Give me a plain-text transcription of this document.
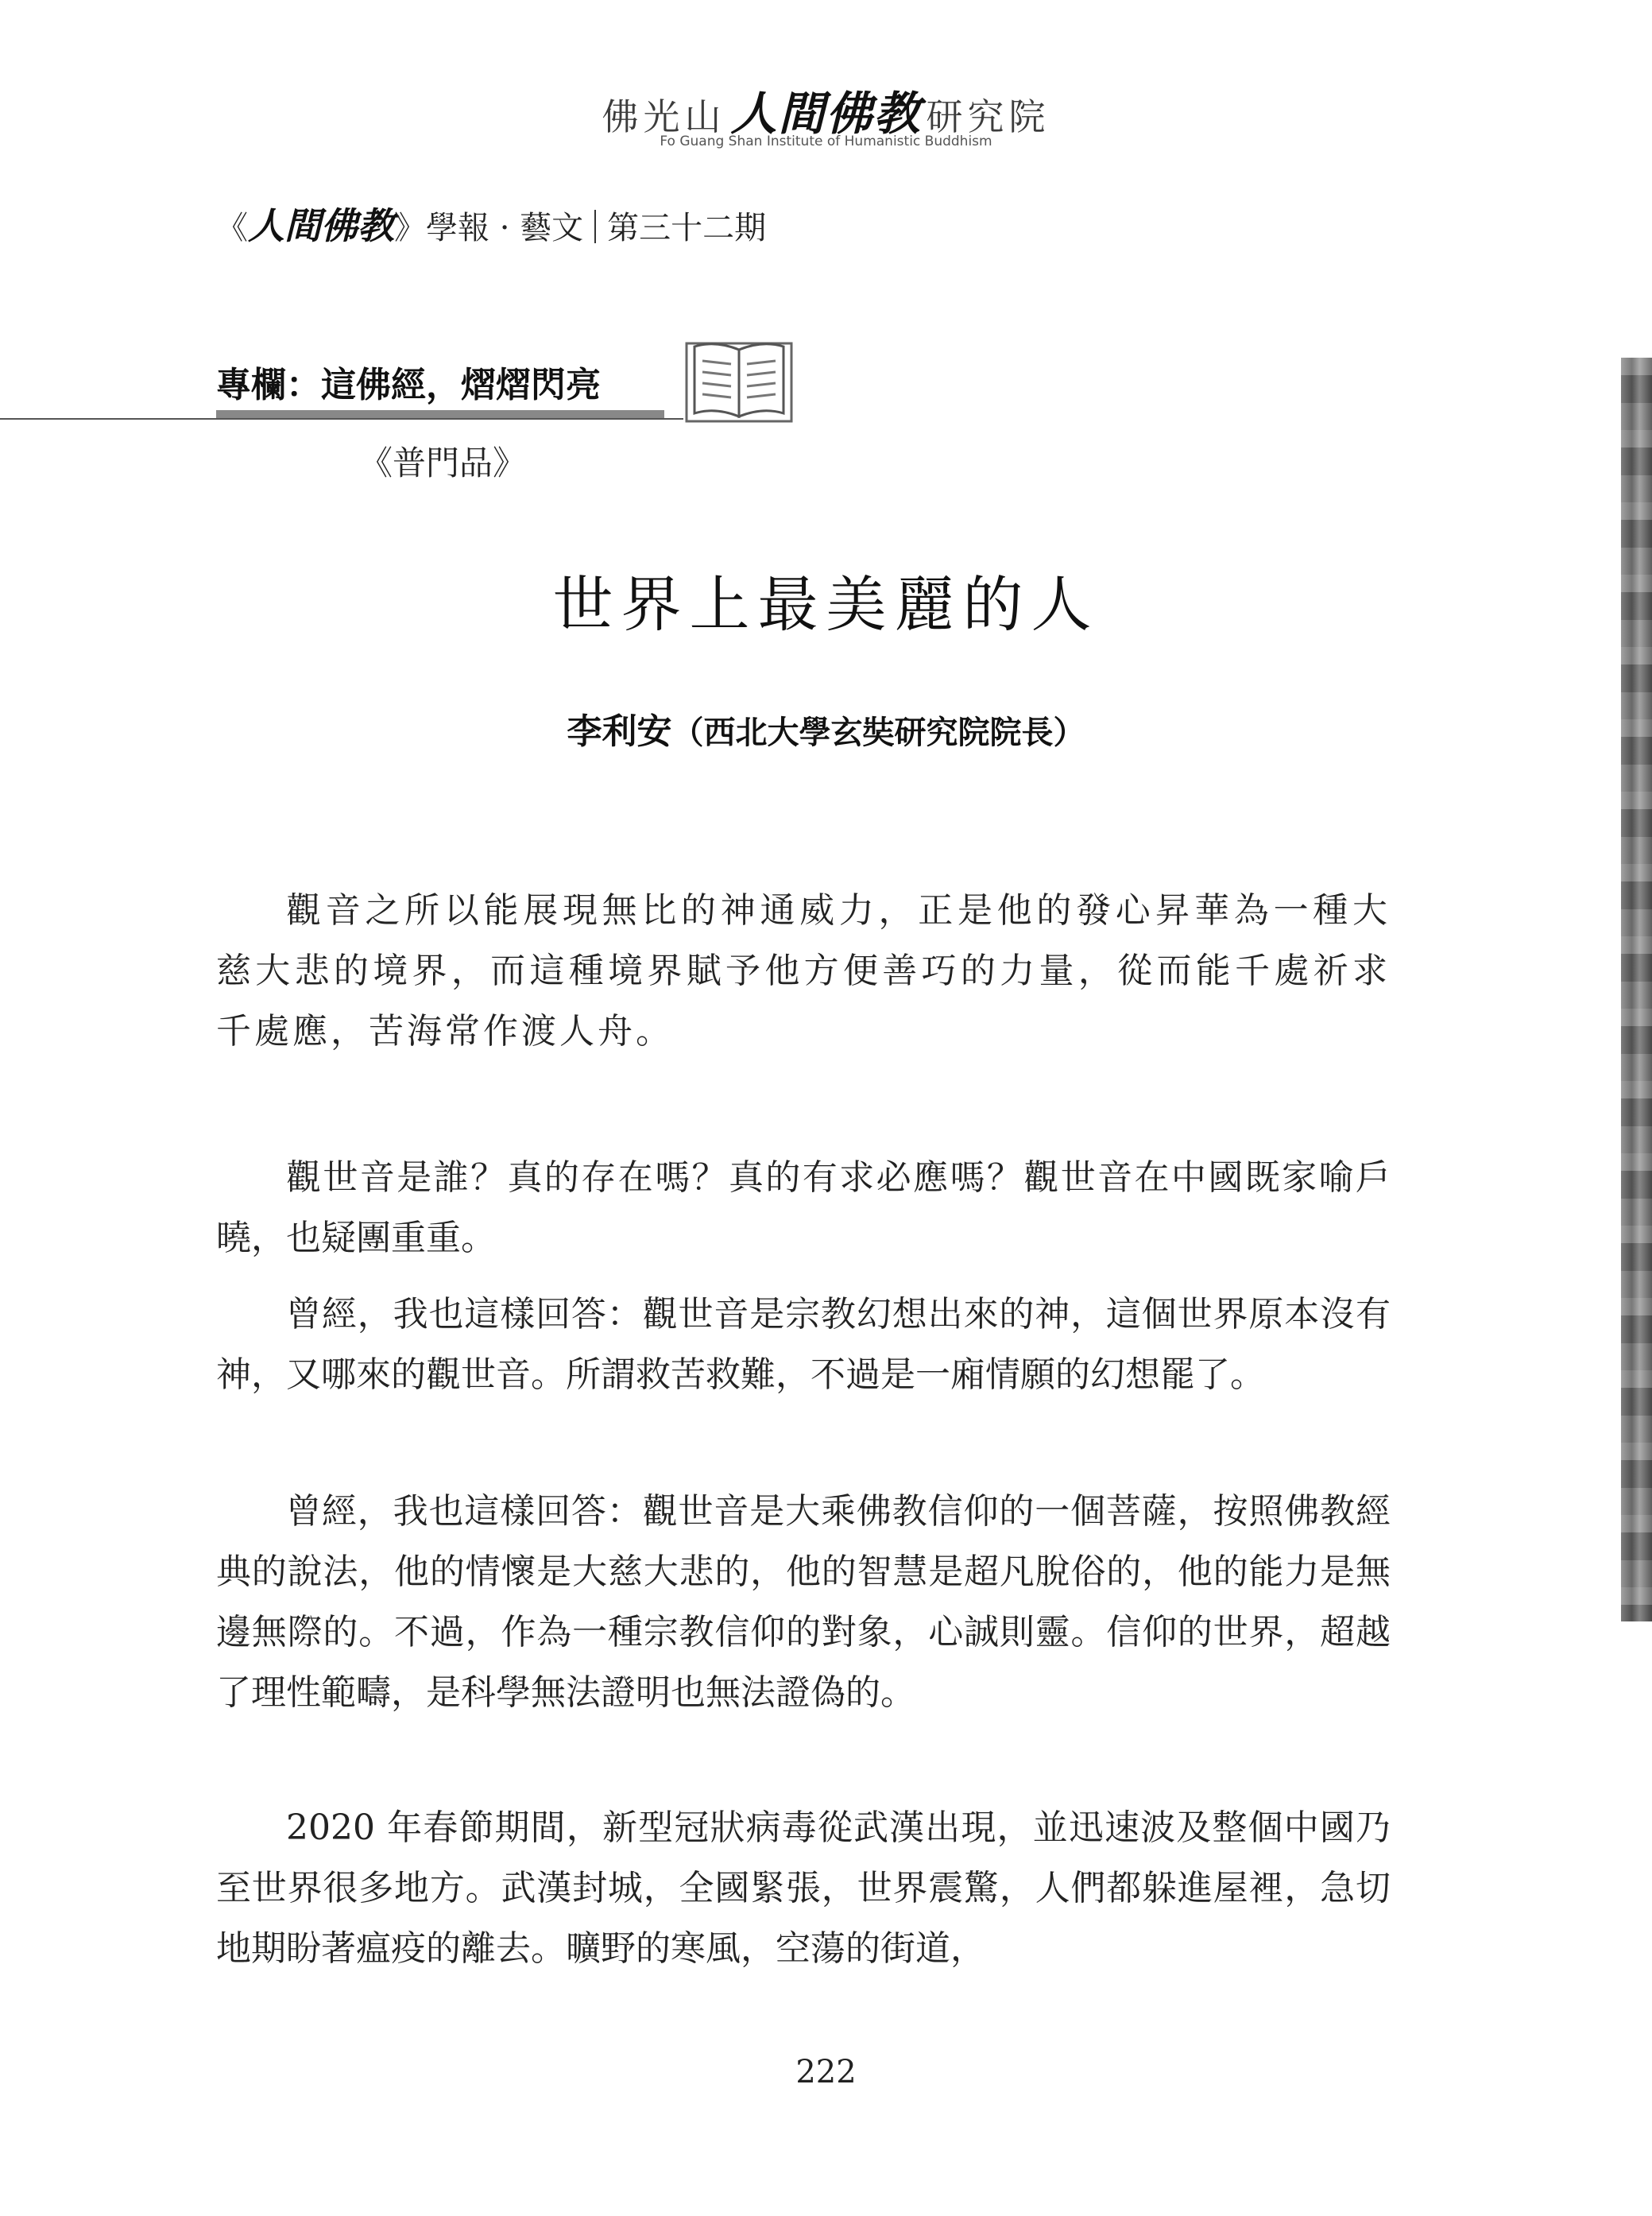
佛光山 人間佛教 研究院
Fo Guang Shan Institute of Humanistic Buddhism
《人間佛教》學報 · 藝文 第三十二期
專欄：這佛經，熠熠閃亮
《普門品》
世界上最美麗的人
李利安（西北大學玄奘研究院院長）
觀音之所以能展現無比的神通威力，正是他的發心昇華為一種大慈大悲的境界，而這種境界賦予他方便善巧的力量，從而能千處祈求千處應，苦海常作渡人舟。
觀世音是誰？真的存在嗎？真的有求必應嗎？觀世音在中國既家喻戶曉，也疑團重重。
曾經，我也這樣回答：觀世音是宗教幻想出來的神，這個世界原本沒有神，又哪來的觀世音。所謂救苦救難，不過是一廂情願的幻想罷了。
曾經，我也這樣回答：觀世音是大乘佛教信仰的一個菩薩，按照佛教經典的說法，他的情懷是大慈大悲的，他的智慧是超凡脫俗的，他的能力是無邊無際的。不過，作為一種宗教信仰的對象，心誠則靈。信仰的世界，超越了理性範疇，是科學無法證明也無法證偽的。
2020 年春節期間，新型冠狀病毒從武漢出現，並迅速波及整個中國乃至世界很多地方。武漢封城，全國緊張，世界震驚，人們都躲進屋裡，急切地期盼著瘟疫的離去。曠野的寒風，空蕩的街道，
222
